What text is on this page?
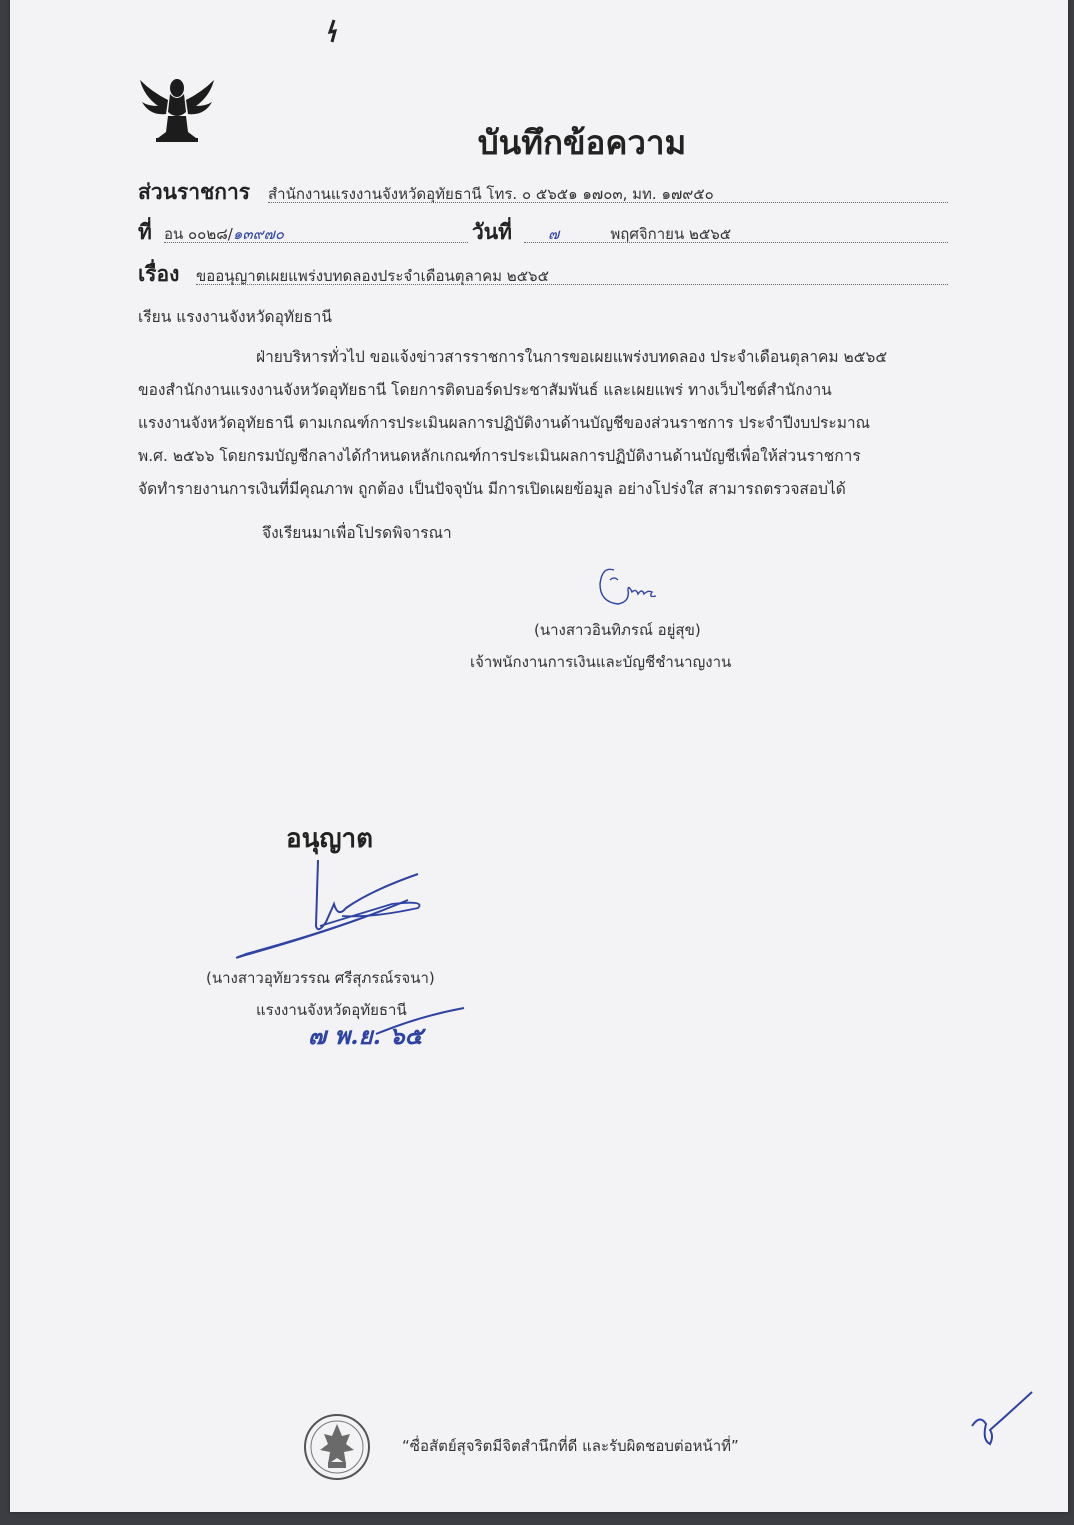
บันทึกข้อความ
ส่วนราชการ สำนักงานแรงงานจังหวัดอุทัยธานี โทร. ๐ ๕๖๕๑ ๑๗๐๓, มท. ๑๗๙๕๐
ที่ อน ๐๐๒๘/๑๓๙๗๐	วันที่	๗	พฤศจิกายน ๒๕๖๕
เรื่อง ขออนุญาตเผยแพร่งบทดลองประจำเดือนตุลาคม ๒๕๖๕
เรียน แรงงานจังหวัดอุทัยธานี
ฝ่ายบริหารทั่วไป ขอแจ้งข่าวสารราชการในการขอเผยแพร่งบทดลอง ประจำเดือนตุลาคม ๒๕๖๕
ของสำนักงานแรงงานจังหวัดอุทัยธานี โดยการติดบอร์ดประชาสัมพันธ์ และเผยแพร่ ทางเว็บไซต์สำนักงาน
แรงงานจังหวัดอุทัยธานี ตามเกณฑ์การประเมินผลการปฏิบัติงานด้านบัญชีของส่วนราชการ ประจำปีงบประมาณ
พ.ศ. ๒๕๖๖ โดยกรมบัญชีกลางได้กำหนดหลักเกณฑ์การประเมินผลการปฏิบัติงานด้านบัญชีเพื่อให้ส่วนราชการ
จัดทำรายงานการเงินที่มีคุณภาพ ถูกต้อง เป็นปัจจุบัน มีการเปิดเผยข้อมูล อย่างโปร่งใส สามารถตรวจสอบได้
จึงเรียนมาเพื่อโปรดพิจารณา
(นางสาวอินทิภรณ์ อยู่สุข)
เจ้าพนักงานการเงินและบัญชีชำนาญงาน
อนุญาต
(นางสาวอุทัยวรรณ ศรีสุภรณ์รจนา)
แรงงานจังหวัดอุทัยธานี
๗ พ.ย. ๖๕
“ซื่อสัตย์สุจริตมีจิตสำนึกที่ดี และรับผิดชอบต่อหน้าที่”
